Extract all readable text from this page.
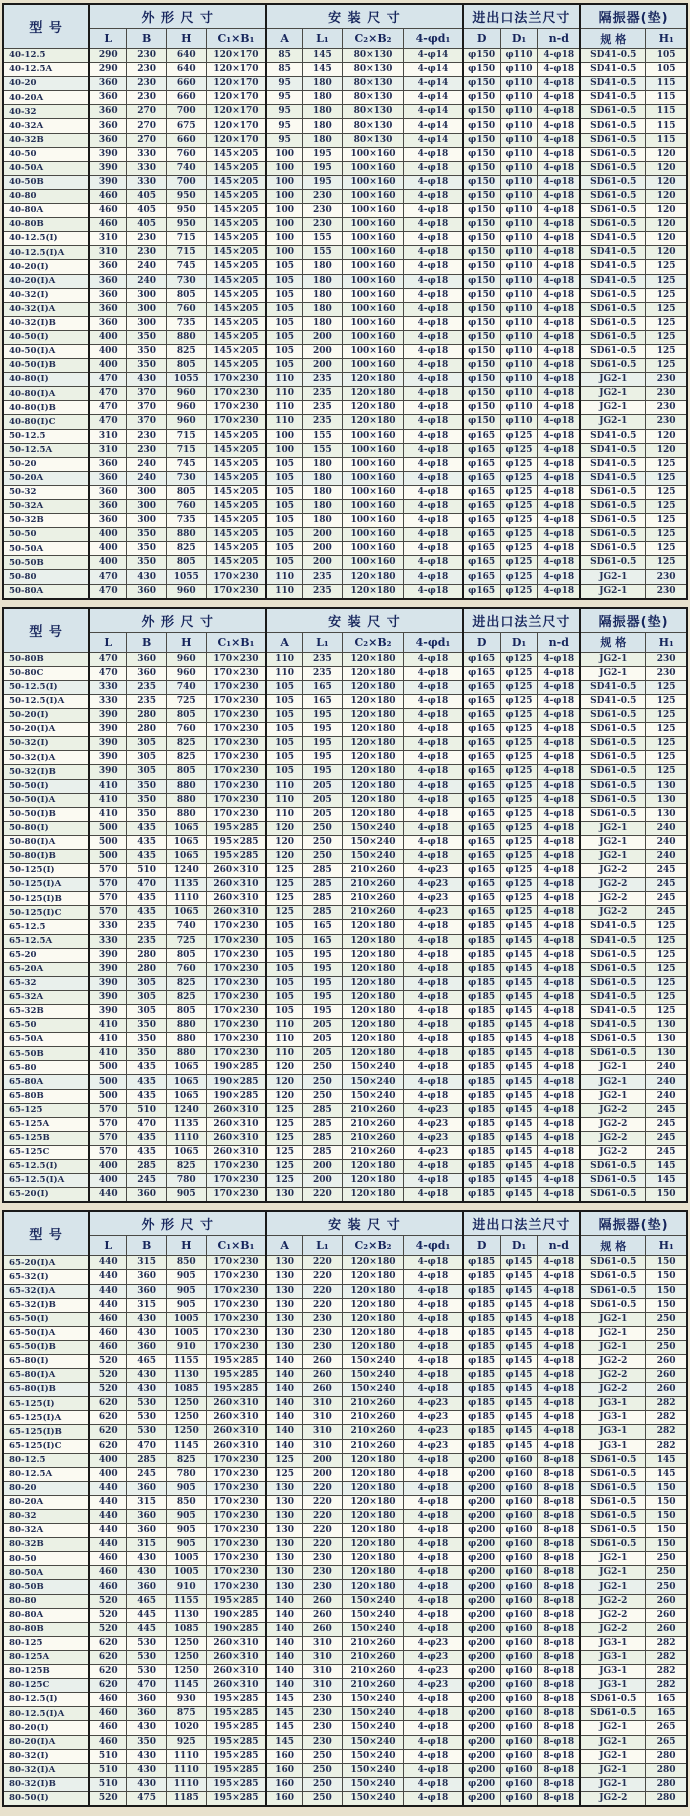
型 号	外 形 尺 寸				安 装 尺 寸				进出口法兰尺寸			隔振器(垫)	
	L	B	H	C₁×B₁	A	L₁	C₂×B₂	4-φd₁	D	D₁	n-d	规 格	H₁
40-12.5	290	230	640	120×170	85	145	80×130	4-φ14	φ150	φ110	4-φ18	SD41-0.5	105
40-12.5A	290	230	640	120×170	85	145	80×130	4-φ14	φ150	φ110	4-φ18	SD41-0.5	105
40-20	360	230	660	120×170	95	180	80×130	4-φ14	φ150	φ110	4-φ18	SD41-0.5	115
40-20A	360	230	660	120×170	95	180	80×130	4-φ14	φ150	φ110	4-φ18	SD41-0.5	115
40-32	360	270	700	120×170	95	180	80×130	4-φ14	φ150	φ110	4-φ18	SD61-0.5	115
40-32A	360	270	675	120×170	95	180	80×130	4-φ14	φ150	φ110	4-φ18	SD61-0.5	115
40-32B	360	270	660	120×170	95	180	80×130	4-φ14	φ150	φ110	4-φ18	SD61-0.5	115
40-50	390	330	760	145×205	100	195	100×160	4-φ18	φ150	φ110	4-φ18	SD61-0.5	120
40-50A	390	330	740	145×205	100	195	100×160	4-φ18	φ150	φ110	4-φ18	SD61-0.5	120
40-50B	390	330	700	145×205	100	195	100×160	4-φ18	φ150	φ110	4-φ18	SD61-0.5	120
40-80	460	405	950	145×205	100	230	100×160	4-φ18	φ150	φ110	4-φ18	SD61-0.5	120
40-80A	460	405	950	145×205	100	230	100×160	4-φ18	φ150	φ110	4-φ18	SD61-0.5	120
40-80B	460	405	950	145×205	100	230	100×160	4-φ18	φ150	φ110	4-φ18	SD61-0.5	120
40-12.5(I)	310	230	715	145×205	100	155	100×160	4-φ18	φ150	φ110	4-φ18	SD41-0.5	120
40-12.5(I)A	310	230	715	145×205	100	155	100×160	4-φ18	φ150	φ110	4-φ18	SD41-0.5	120
40-20(I)	360	240	745	145×205	105	180	100×160	4-φ18	φ150	φ110	4-φ18	SD41-0.5	125
40-20(I)A	360	240	730	145×205	105	180	100×160	4-φ18	φ150	φ110	4-φ18	SD41-0.5	125
40-32(I)	360	300	805	145×205	105	180	100×160	4-φ18	φ150	φ110	4-φ18	SD61-0.5	125
40-32(I)A	360	300	760	145×205	105	180	100×160	4-φ18	φ150	φ110	4-φ18	SD61-0.5	125
40-32(I)B	360	300	735	145×205	105	180	100×160	4-φ18	φ150	φ110	4-φ18	SD61-0.5	125
40-50(I)	400	350	880	145×205	105	200	100×160	4-φ18	φ150	φ110	4-φ18	SD61-0.5	125
40-50(I)A	400	350	825	145×205	105	200	100×160	4-φ18	φ150	φ110	4-φ18	SD61-0.5	125
40-50(I)B	400	350	805	145×205	105	200	100×160	4-φ18	φ150	φ110	4-φ18	SD61-0.5	125
40-80(I)	470	430	1055	170×230	110	235	120×180	4-φ18	φ150	φ110	4-φ18	JG2-1	230
40-80(I)A	470	370	960	170×230	110	235	120×180	4-φ18	φ150	φ110	4-φ18	JG2-1	230
40-80(I)B	470	370	960	170×230	110	235	120×180	4-φ18	φ150	φ110	4-φ18	JG2-1	230
40-80(I)C	470	370	960	170×230	110	235	120×180	4-φ18	φ150	φ110	4-φ18	JG2-1	230
50-12.5	310	230	715	145×205	100	155	100×160	4-φ18	φ165	φ125	4-φ18	SD41-0.5	120
50-12.5A	310	230	715	145×205	100	155	100×160	4-φ18	φ165	φ125	4-φ18	SD41-0.5	120
50-20	360	240	745	145×205	105	180	100×160	4-φ18	φ165	φ125	4-φ18	SD41-0.5	125
50-20A	360	240	730	145×205	105	180	100×160	4-φ18	φ165	φ125	4-φ18	SD41-0.5	125
50-32	360	300	805	145×205	105	180	100×160	4-φ18	φ165	φ125	4-φ18	SD61-0.5	125
50-32A	360	300	760	145×205	105	180	100×160	4-φ18	φ165	φ125	4-φ18	SD61-0.5	125
50-32B	360	300	735	145×205	105	180	100×160	4-φ18	φ165	φ125	4-φ18	SD61-0.5	125
50-50	400	350	880	145×205	105	200	100×160	4-φ18	φ165	φ125	4-φ18	SD61-0.5	125
50-50A	400	350	825	145×205	105	200	100×160	4-φ18	φ165	φ125	4-φ18	SD61-0.5	125
50-50B	400	350	805	145×205	105	200	100×160	4-φ18	φ165	φ125	4-φ18	SD61-0.5	125
50-80	470	430	1055	170×230	110	235	120×180	4-φ18	φ165	φ125	4-φ18	JG2-1	230
50-80A	470	360	960	170×230	110	235	120×180	4-φ18	φ165	φ125	4-φ18	JG2-1	230
型 号	外 形 尺 寸				安 装 尺 寸				进出口法兰尺寸			隔振器(垫)	
	L	B	H	C₁×B₁	A	L₁	C₂×B₂	4-φd₁	D	D₁	n-d	规 格	H₁
50-80B	470	360	960	170×230	110	235	120×180	4-φ18	φ165	φ125	4-φ18	JG2-1	230
50-80C	470	360	960	170×230	110	235	120×180	4-φ18	φ165	φ125	4-φ18	JG2-1	230
50-12.5(I)	330	235	740	170×230	105	165	120×180	4-φ18	φ165	φ125	4-φ18	SD41-0.5	125
50-12.5(I)A	330	235	725	170×230	105	165	120×180	4-φ18	φ165	φ125	4-φ18	SD41-0.5	125
50-20(I)	390	280	805	170×230	105	195	120×180	4-φ18	φ165	φ125	4-φ18	SD61-0.5	125
50-20(I)A	390	280	760	170×230	105	195	120×180	4-φ18	φ165	φ125	4-φ18	SD61-0.5	125
50-32(I)	390	305	825	170×230	105	195	120×180	4-φ18	φ165	φ125	4-φ18	SD61-0.5	125
50-32(I)A	390	305	825	170×230	105	195	120×180	4-φ18	φ165	φ125	4-φ18	SD61-0.5	125
50-32(I)B	390	305	805	170×230	105	195	120×180	4-φ18	φ165	φ125	4-φ18	SD61-0.5	125
50-50(I)	410	350	880	170×230	110	205	120×180	4-φ18	φ165	φ125	4-φ18	SD61-0.5	130
50-50(I)A	410	350	880	170×230	110	205	120×180	4-φ18	φ165	φ125	4-φ18	SD61-0.5	130
50-50(I)B	410	350	880	170×230	110	205	120×180	4-φ18	φ165	φ125	4-φ18	SD61-0.5	130
50-80(I)	500	435	1065	195×285	120	250	150×240	4-φ18	φ165	φ125	4-φ18	JG2-1	240
50-80(I)A	500	435	1065	195×285	120	250	150×240	4-φ18	φ165	φ125	4-φ18	JG2-1	240
50-80(I)B	500	435	1065	195×285	120	250	150×240	4-φ18	φ165	φ125	4-φ18	JG2-1	240
50-125(I)	570	510	1240	260×310	125	285	210×260	4-φ23	φ165	φ125	4-φ18	JG2-2	245
50-125(I)A	570	470	1135	260×310	125	285	210×260	4-φ23	φ165	φ125	4-φ18	JG2-2	245
50-125(I)B	570	435	1110	260×310	125	285	210×260	4-φ23	φ165	φ125	4-φ18	JG2-2	245
50-125(I)C	570	435	1065	260×310	125	285	210×260	4-φ23	φ165	φ125	4-φ18	JG2-2	245
65-12.5	330	235	740	170×230	105	165	120×180	4-φ18	φ185	φ145	4-φ18	SD41-0.5	125
65-12.5A	330	235	725	170×230	105	165	120×180	4-φ18	φ185	φ145	4-φ18	SD41-0.5	125
65-20	390	280	805	170×230	105	195	120×180	4-φ18	φ185	φ145	4-φ18	SD61-0.5	125
65-20A	390	280	760	170×230	105	195	120×180	4-φ18	φ185	φ145	4-φ18	SD61-0.5	125
65-32	390	305	825	170×230	105	195	120×180	4-φ18	φ185	φ145	4-φ18	SD61-0.5	125
65-32A	390	305	825	170×230	105	195	120×180	4-φ18	φ185	φ145	4-φ18	SD41-0.5	125
65-32B	390	305	805	170×230	105	195	120×180	4-φ18	φ185	φ145	4-φ18	SD41-0.5	125
65-50	410	350	880	170×230	110	205	120×180	4-φ18	φ185	φ145	4-φ18	SD41-0.5	130
65-50A	410	350	880	170×230	110	205	120×180	4-φ18	φ185	φ145	4-φ18	SD61-0.5	130
65-50B	410	350	880	170×230	110	205	120×180	4-φ18	φ185	φ145	4-φ18	SD61-0.5	130
65-80	500	435	1065	190×285	120	250	150×240	4-φ18	φ185	φ145	4-φ18	JG2-1	240
65-80A	500	435	1065	190×285	120	250	150×240	4-φ18	φ185	φ145	4-φ18	JG2-1	240
65-80B	500	435	1065	190×285	120	250	150×240	4-φ18	φ185	φ145	4-φ18	JG2-1	240
65-125	570	510	1240	260×310	125	285	210×260	4-φ23	φ185	φ145	4-φ18	JG2-2	245
65-125A	570	470	1135	260×310	125	285	210×260	4-φ23	φ185	φ145	4-φ18	JG2-2	245
65-125B	570	435	1110	260×310	125	285	210×260	4-φ23	φ185	φ145	4-φ18	JG2-2	245
65-125C	570	435	1065	260×310	125	285	210×260	4-φ23	φ185	φ145	4-φ18	JG2-2	245
65-12.5(I)	400	285	825	170×230	125	200	120×180	4-φ18	φ185	φ145	4-φ18	SD61-0.5	145
65-12.5(I)A	400	245	780	170×230	125	200	120×180	4-φ18	φ185	φ145	4-φ18	SD61-0.5	145
65-20(I)	440	360	905	170×230	130	220	120×180	4-φ18	φ185	φ145	4-φ18	SD61-0.5	150
型 号	外 形 尺 寸				安 装 尺 寸				进出口法兰尺寸			隔振器(垫)	
	L	B	H	C₁×B₁	A	L₁	C₂×B₂	4-φd₁	D	D₁	n-d	规 格	H₁
65-20(I)A	440	315	850	170×230	130	220	120×180	4-φ18	φ185	φ145	4-φ18	SD61-0.5	150
65-32(I)	440	360	905	170×230	130	220	120×180	4-φ18	φ185	φ145	4-φ18	SD61-0.5	150
65-32(I)A	440	360	905	170×230	130	220	120×180	4-φ18	φ185	φ145	4-φ18	SD61-0.5	150
65-32(I)B	440	315	905	170×230	130	220	120×180	4-φ18	φ185	φ145	4-φ18	SD61-0.5	150
65-50(I)	460	430	1005	170×230	130	230	120×180	4-φ18	φ185	φ145	4-φ18	JG2-1	250
65-50(I)A	460	430	1005	170×230	130	230	120×180	4-φ18	φ185	φ145	4-φ18	JG2-1	250
65-50(I)B	460	360	910	170×230	130	230	120×180	4-φ18	φ185	φ145	4-φ18	JG2-1	250
65-80(I)	520	465	1155	195×285	140	260	150×240	4-φ18	φ185	φ145	4-φ18	JG2-2	260
65-80(I)A	520	430	1130	195×285	140	260	150×240	4-φ18	φ185	φ145	4-φ18	JG2-2	260
65-80(I)B	520	430	1085	195×285	140	260	150×240	4-φ18	φ185	φ145	4-φ18	JG2-2	260
65-125(I)	620	530	1250	260×310	140	310	210×260	4-φ23	φ185	φ145	4-φ18	JG3-1	282
65-125(I)A	620	530	1250	260×310	140	310	210×260	4-φ23	φ185	φ145	4-φ18	JG3-1	282
65-125(I)B	620	530	1250	260×310	140	310	210×260	4-φ23	φ185	φ145	4-φ18	JG3-1	282
65-125(I)C	620	470	1145	260×310	140	310	210×260	4-φ23	φ185	φ145	4-φ18	JG3-1	282
80-12.5	400	285	825	170×230	125	200	120×180	4-φ18	φ200	φ160	8-φ18	SD61-0.5	145
80-12.5A	400	245	780	170×230	125	200	120×180	4-φ18	φ200	φ160	8-φ18	SD61-0.5	145
80-20	440	360	905	170×230	130	220	120×180	4-φ18	φ200	φ160	8-φ18	SD61-0.5	150
80-20A	440	315	850	170×230	130	220	120×180	4-φ18	φ200	φ160	8-φ18	SD61-0.5	150
80-32	440	360	905	170×230	130	220	120×180	4-φ18	φ200	φ160	8-φ18	SD61-0.5	150
80-32A	440	360	905	170×230	130	220	120×180	4-φ18	φ200	φ160	8-φ18	SD61-0.5	150
80-32B	440	315	905	170×230	130	220	120×180	4-φ18	φ200	φ160	8-φ18	SD61-0.5	150
80-50	460	430	1005	170×230	130	230	120×180	4-φ18	φ200	φ160	8-φ18	JG2-1	250
80-50A	460	430	1005	170×230	130	230	120×180	4-φ18	φ200	φ160	8-φ18	JG2-1	250
80-50B	460	360	910	170×230	130	230	120×180	4-φ18	φ200	φ160	8-φ18	JG2-1	250
80-80	520	465	1155	195×285	140	260	150×240	4-φ18	φ200	φ160	8-φ18	JG2-2	260
80-80A	520	445	1130	190×285	140	260	150×240	4-φ18	φ200	φ160	8-φ18	JG2-2	260
80-80B	520	445	1085	190×285	140	260	150×240	4-φ18	φ200	φ160	8-φ18	JG2-2	260
80-125	620	530	1250	260×310	140	310	210×260	4-φ23	φ200	φ160	8-φ18	JG3-1	282
80-125A	620	530	1250	260×310	140	310	210×260	4-φ23	φ200	φ160	8-φ18	JG3-1	282
80-125B	620	530	1250	260×310	140	310	210×260	4-φ23	φ200	φ160	8-φ18	JG3-1	282
80-125C	620	470	1145	260×310	140	310	210×260	4-φ23	φ200	φ160	8-φ18	JG3-1	282
80-12.5(I)	460	360	930	195×285	145	230	150×240	4-φ18	φ200	φ160	8-φ18	SD61-0.5	165
80-12.5(I)A	460	360	875	195×285	145	230	150×240	4-φ18	φ200	φ160	8-φ18	SD61-0.5	165
80-20(I)	460	430	1020	195×285	145	230	150×240	4-φ18	φ200	φ160	8-φ18	JG2-1	265
80-20(I)A	460	350	925	195×285	145	230	150×240	4-φ18	φ200	φ160	8-φ18	JG2-1	265
80-32(I)	510	430	1110	195×285	160	250	150×240	4-φ18	φ200	φ160	8-φ18	JG2-1	280
80-32(I)A	510	430	1110	195×285	160	250	150×240	4-φ18	φ200	φ160	8-φ18	JG2-1	280
80-32(I)B	510	430	1110	195×285	160	250	150×240	4-φ18	φ200	φ160	8-φ18	JG2-1	280
80-50(I)	520	475	1185	195×285	160	250	150×240	4-φ18	φ200	φ160	8-φ18	JG2-2	280
